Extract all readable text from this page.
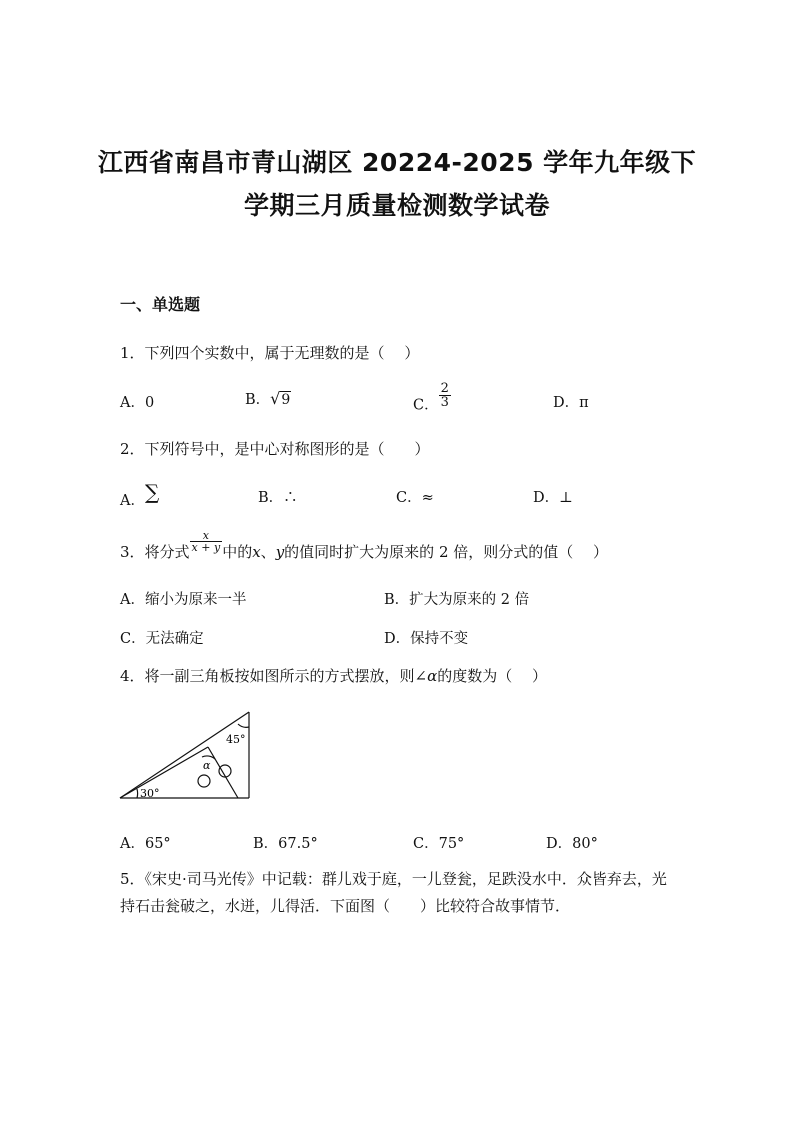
江西省南昌市青山湖区 20224-2025 学年九年级下
学期三月质量检测数学试卷
一、单选题
1．下列四个实数中，属于无理数的是（　 ）
A．0	B．√9	C． $\frac{2}{3}$	D．π
2．下列符号中，是中心对称图形的是（　　）
A．∑	B．∴	C．≈	D．⊥
3．将分式 $\frac{x}{x + y}$ 中的x、y的值同时扩大为原来的 2 倍，则分式的值（　 ）
A．缩小为原来一半	B．扩大为原来的 2 倍
C．无法确定	D．保持不变
4．将一副三角板按如图所示的方式摆放，则∠α的度数为（　 ）
45°
30°
α
A．65°	B．67.5°	C．75°	D．80°
5．《宋史·司马光传》中记载：群儿戏于庭，一儿登瓮，足跌没水中．众皆弃去，光持石击瓮破之，水迸，儿得活．下面图（　　）比较符合故事情节．
